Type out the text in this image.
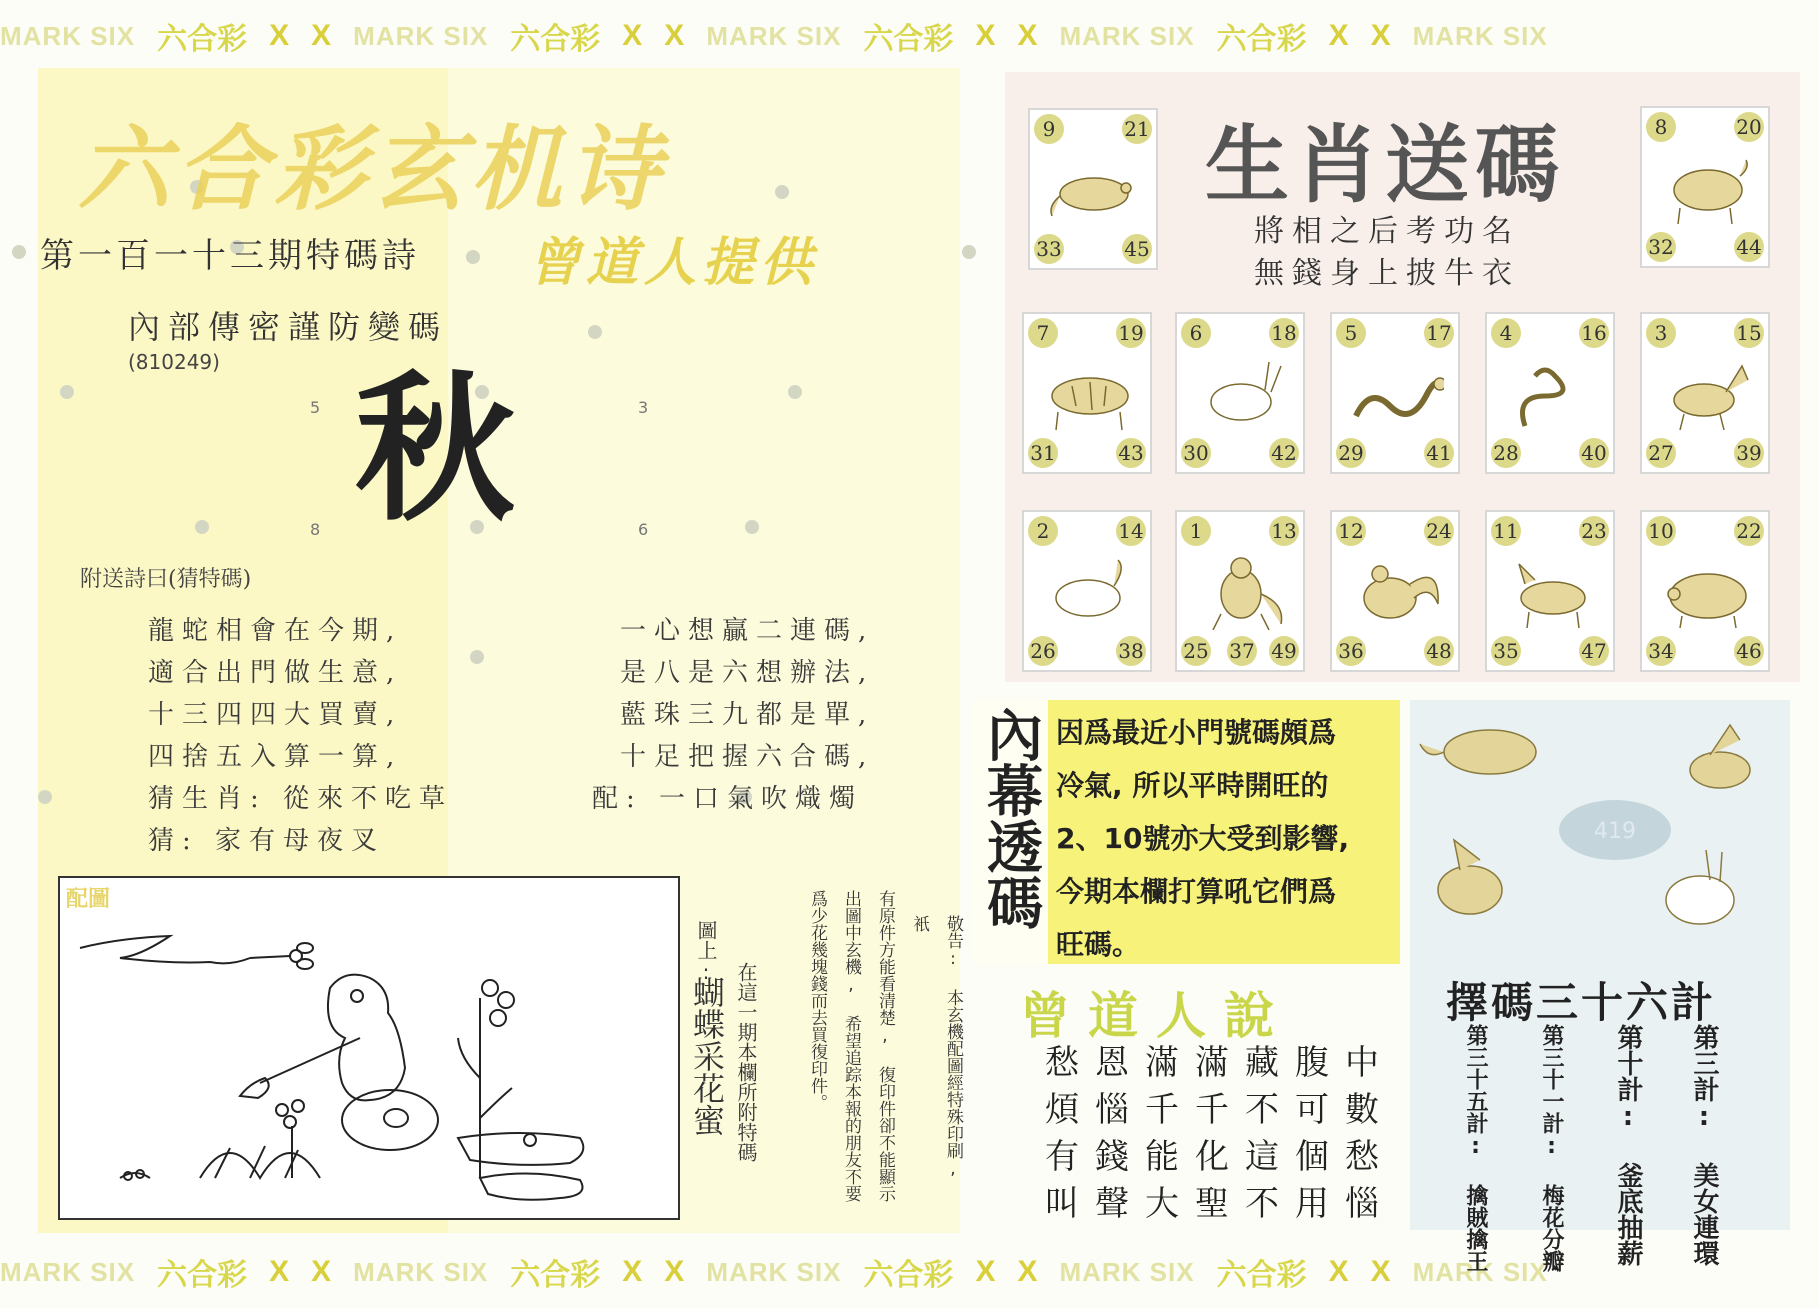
MARK SIX 六合彩 X X MARK SIX 六合彩 X X MARK SIX 六合彩 X X MARK SIX 六合彩 X X MARK SIX
MARK SIX 六合彩 X X MARK SIX 六合彩 X X MARK SIX 六合彩 X X MARK SIX 六合彩 X X MARK SIX
六合彩玄机诗
第一百一十三期特碼詩 曾道人提供
內部傳密謹防變碼
(810249)
5	3
8	6
秋
附送詩曰(猜特碼)
龍蛇相會在今期,
適合出門做生意,
十三四四大買賣,
四捨五入算一算,
猜生肖: 從來不吃草
猜: 家有母夜叉
一心想贏二連碼,
是八是六想辦法,
藍珠三九都是單,
十足把握六合碼,
配: 一口氣吹熾燭
配圖
圖上:
蝴蝶采花蜜 在這一期本欄所附特碼	敬告: 本玄機配圖經特殊印刷, 衹
有原件方能看清楚, 復印件卻不能顯示
出圖中玄機, 希望追踪本報的朋友不要
爲少花幾塊錢而去買復印件。
生肖送碼
將相之后考功名
無錢身上披牛衣
9	21
33	45
8	20
32	44
7	19
31	43
6	18
30	42
5	17
29	41
4	16
28	40
3	15
27	39
2	14
26	38
1	13
25 37 49
12	24
36	48
11	23
35	47
10	22
34	46
內幕透碼 因爲最近小門號碼頗爲
冷氣, 所以平時開旺的
2、10號亦大受到影響,
今期本欄打算吼它們爲
旺碼。
曾道人說
中數愁惱
腹可個用
藏不這不
滿千化聖
滿千能大
恩惱錢聲
愁煩有叫
419
擇碼三十六計
第三計: 美女連環
第十計: 釜底抽薪
第三十一計: 梅花分瓣
第三十五計: 擒賊擒王
